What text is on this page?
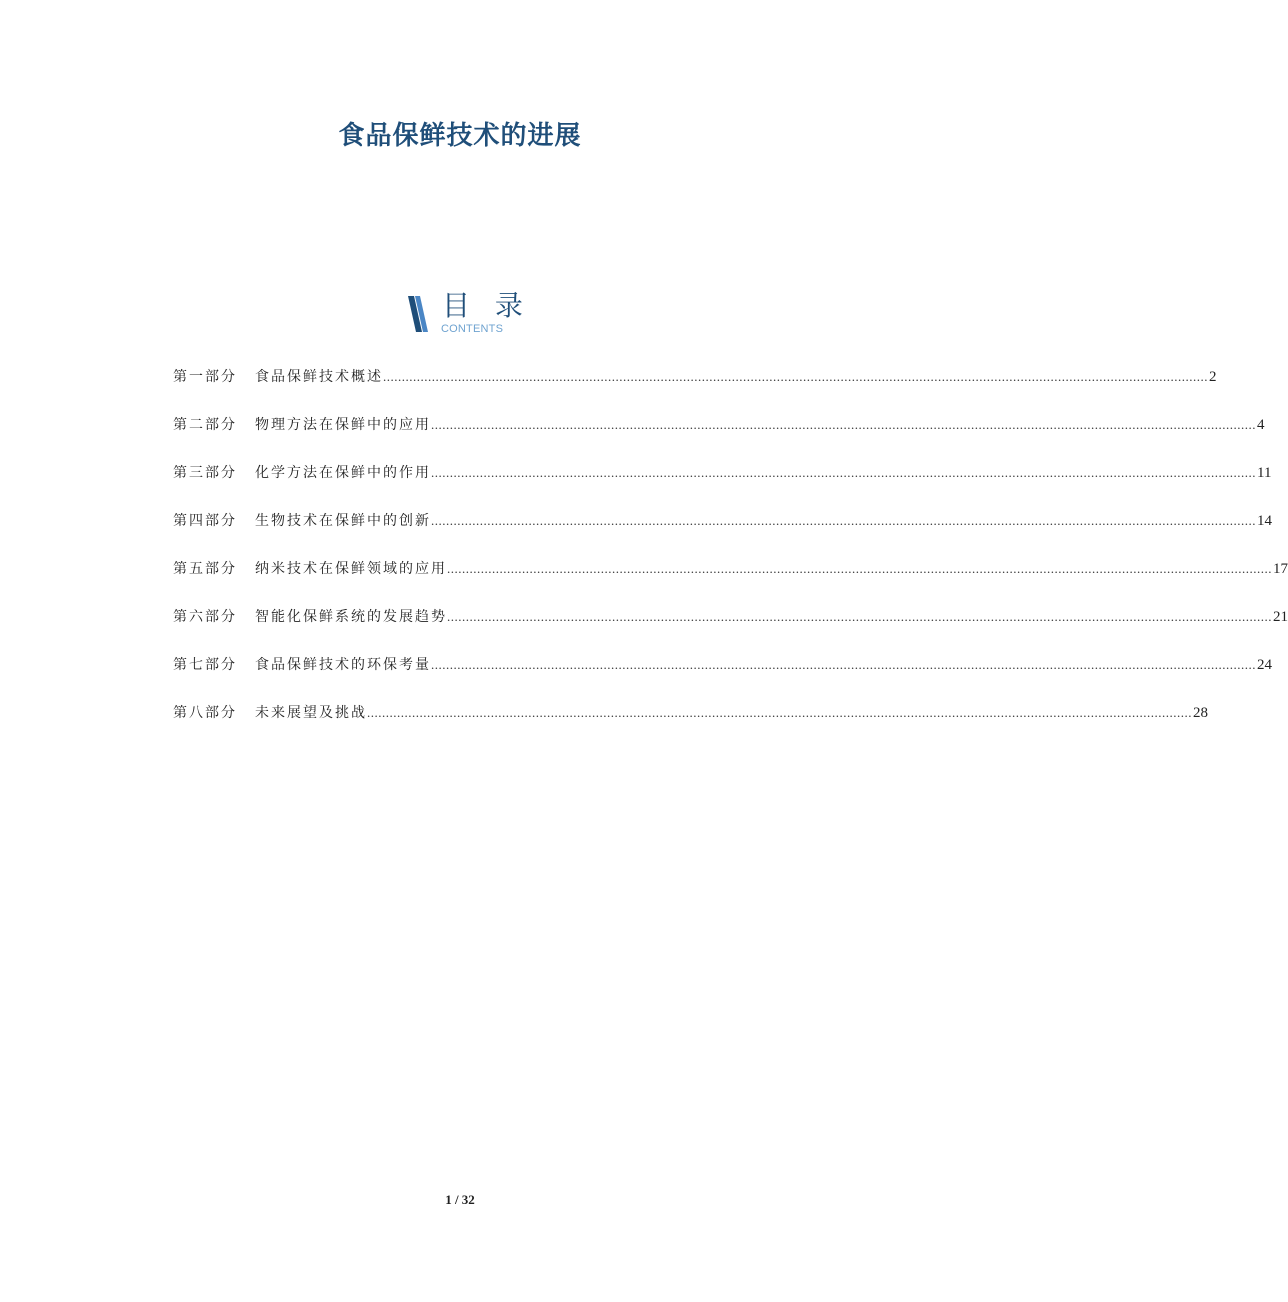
食品保鲜技术的进展
目 录
CONTENTS
第一部分	食品保鲜技术概述 ............................................................................................................................................................................................................................ 2
第二部分	物理方法在保鲜中的应用 ............................................................................................................................................................................................................................ 4
第三部分	化学方法在保鲜中的作用 ............................................................................................................................................................................................................................ 11
第四部分	生物技术在保鲜中的创新 ............................................................................................................................................................................................................................ 14
第五部分	纳米技术在保鲜领域的应用 ............................................................................................................................................................................................................................ 17
第六部分	智能化保鲜系统的发展趋势 ............................................................................................................................................................................................................................ 21
第七部分	食品保鲜技术的环保考量 ............................................................................................................................................................................................................................ 24
第八部分	未来展望及挑战 ............................................................................................................................................................................................................................ 28
1 / 32
